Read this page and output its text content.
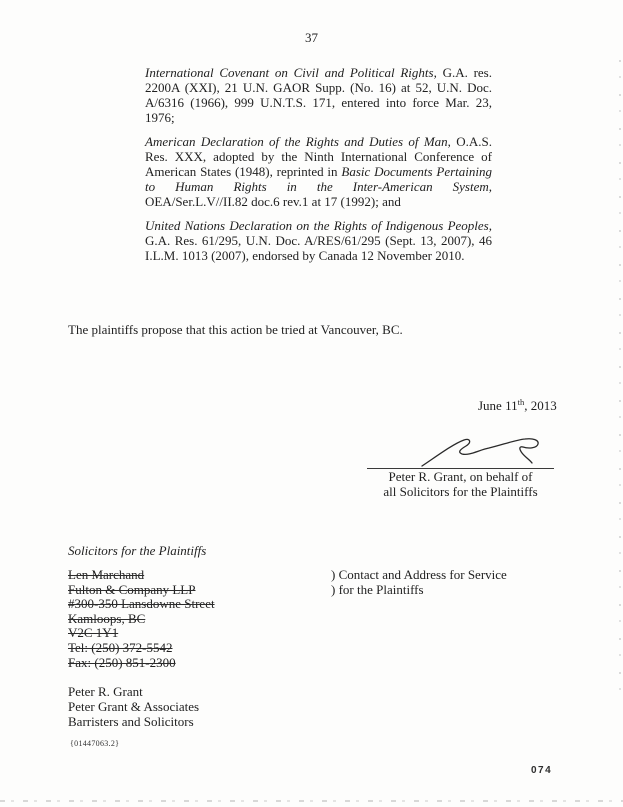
37

International Covenant on Civil and Political Rights, G.A. res. 2200A (XXI), 21 U.N. GAOR Supp. (No. 16) at 52, U.N. Doc. A/6316 (1966), 999 U.N.T.S. 171, entered into force Mar. 23, 1976;

American Declaration of the Rights and Duties of Man, O.A.S. Res. XXX, adopted by the Ninth International Conference of American States (1948), reprinted in Basic Documents Pertaining to Human Rights in the Inter-American System, OEA/Ser.L.V//II.82 doc.6 rev.1 at 17 (1992); and

United Nations Declaration on the Rights of Indigenous Peoples, G.A. Res. 61/295, U.N. Doc. A/RES/61/295 (Sept. 13, 2007), 46 I.L.M. 1013 (2007), endorsed by Canada 12 November 2010.

The plaintiffs propose that this action be tried at Vancouver, BC.
June 11th, 2013
Peter R. Grant, on behalf of
all Solicitors for the Plaintiffs
Solicitors for the Plaintiffs
Len Marchand
Fulton & Company LLP
#300-350 Lansdowne Street
Kamloops, BC
V2C 1Y1
Tel: (250) 372-5542
Fax: (250) 851-2300
) Contact and Address for Service
) for the Plaintiffs
Peter R. Grant
Peter Grant & Associates
Barristers and Solicitors
{01447063.2}
074
